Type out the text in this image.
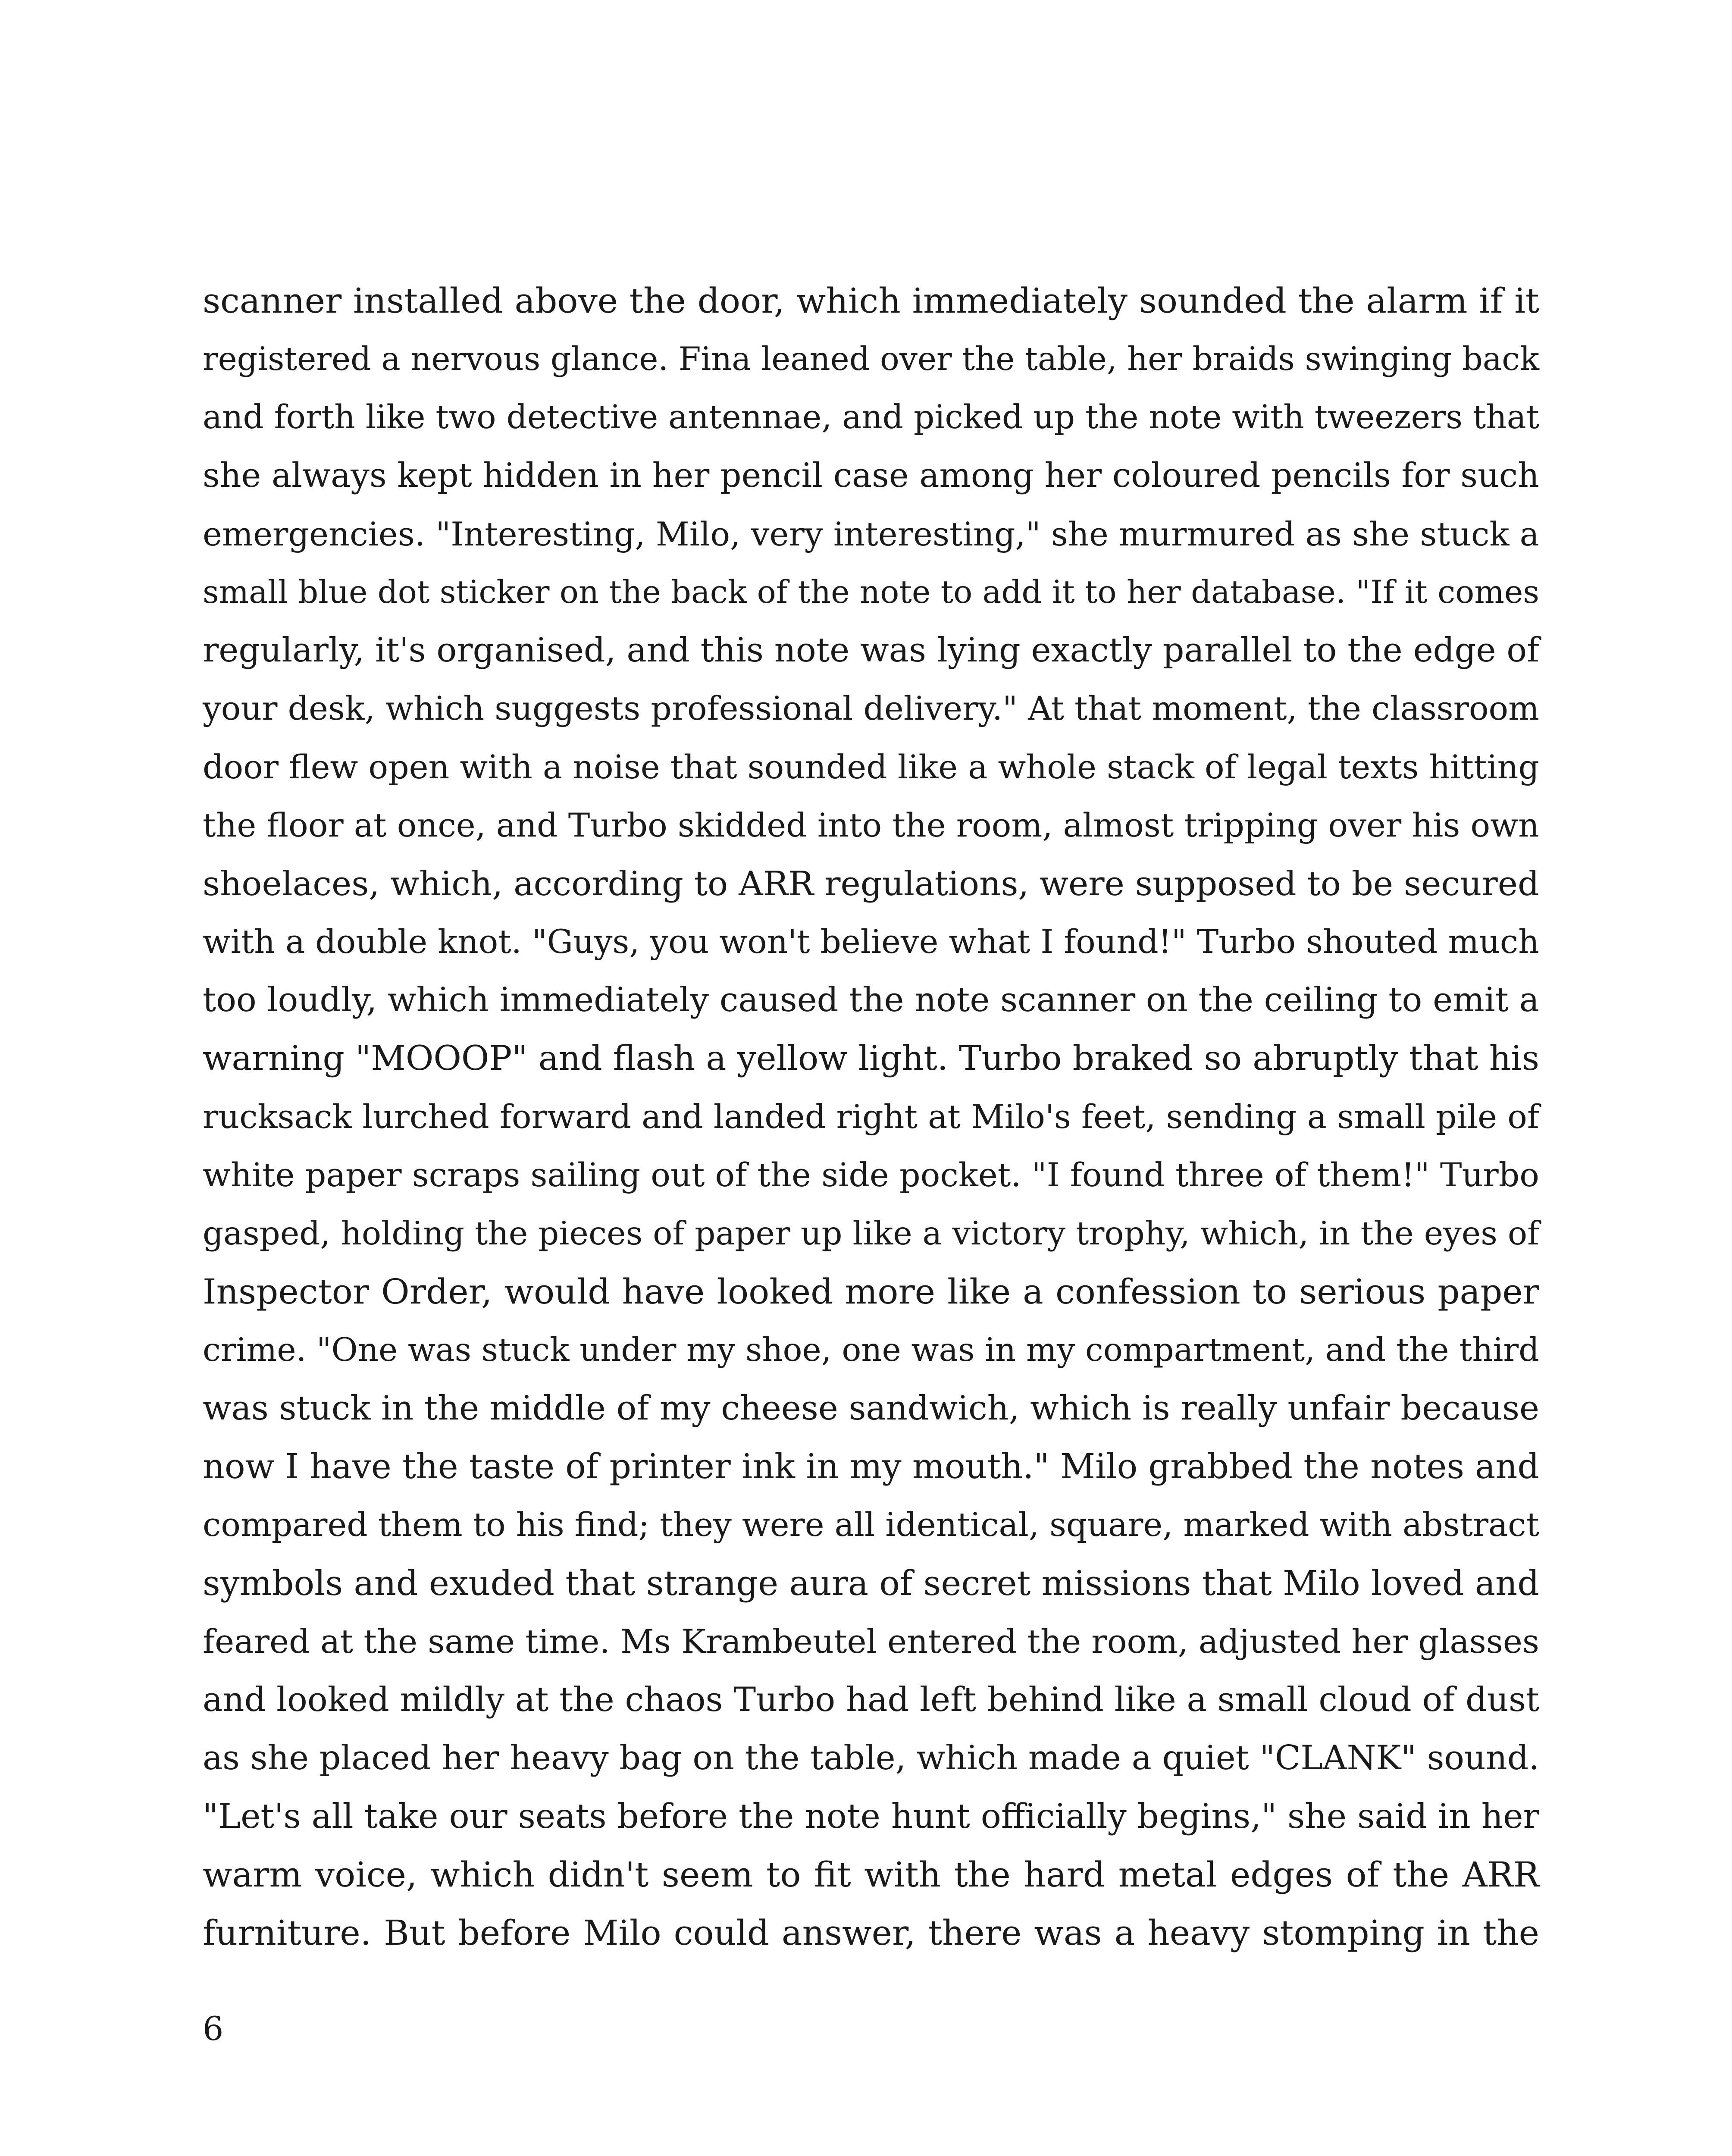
scanner installed above the door, which immediately sounded the alarm if it
registered a nervous glance. Fina leaned over the table, her braids swinging back
and forth like two detective antennae, and picked up the note with tweezers that
she always kept hidden in her pencil case among her coloured pencils for such
emergencies. "Interesting, Milo, very interesting," she murmured as she stuck a
small blue dot sticker on the back of the note to add it to her database. "If it comes
regularly, it's organised, and this note was lying exactly parallel to the edge of
your desk, which suggests professional delivery." At that moment, the classroom
door flew open with a noise that sounded like a whole stack of legal texts hitting
the floor at once, and Turbo skidded into the room, almost tripping over his own
shoelaces, which, according to ARR regulations, were supposed to be secured
with a double knot. "Guys, you won't believe what I found!" Turbo shouted much
too loudly, which immediately caused the note scanner on the ceiling to emit a
warning "MOOOP" and flash a yellow light. Turbo braked so abruptly that his
rucksack lurched forward and landed right at Milo's feet, sending a small pile of
white paper scraps sailing out of the side pocket. "I found three of them!" Turbo
gasped, holding the pieces of paper up like a victory trophy, which, in the eyes of
Inspector Order, would have looked more like a confession to serious paper
crime. "One was stuck under my shoe, one was in my compartment, and the third
was stuck in the middle of my cheese sandwich, which is really unfair because
now I have the taste of printer ink in my mouth." Milo grabbed the notes and
compared them to his find; they were all identical, square, marked with abstract
symbols and exuded that strange aura of secret missions that Milo loved and
feared at the same time. Ms Krambeutel entered the room, adjusted her glasses
and looked mildly at the chaos Turbo had left behind like a small cloud of dust
as she placed her heavy bag on the table, which made a quiet "CLANK" sound.
"Let's all take our seats before the note hunt officially begins," she said in her
warm voice, which didn't seem to fit with the hard metal edges of the ARR
furniture. But before Milo could answer, there was a heavy stomping in the
6
